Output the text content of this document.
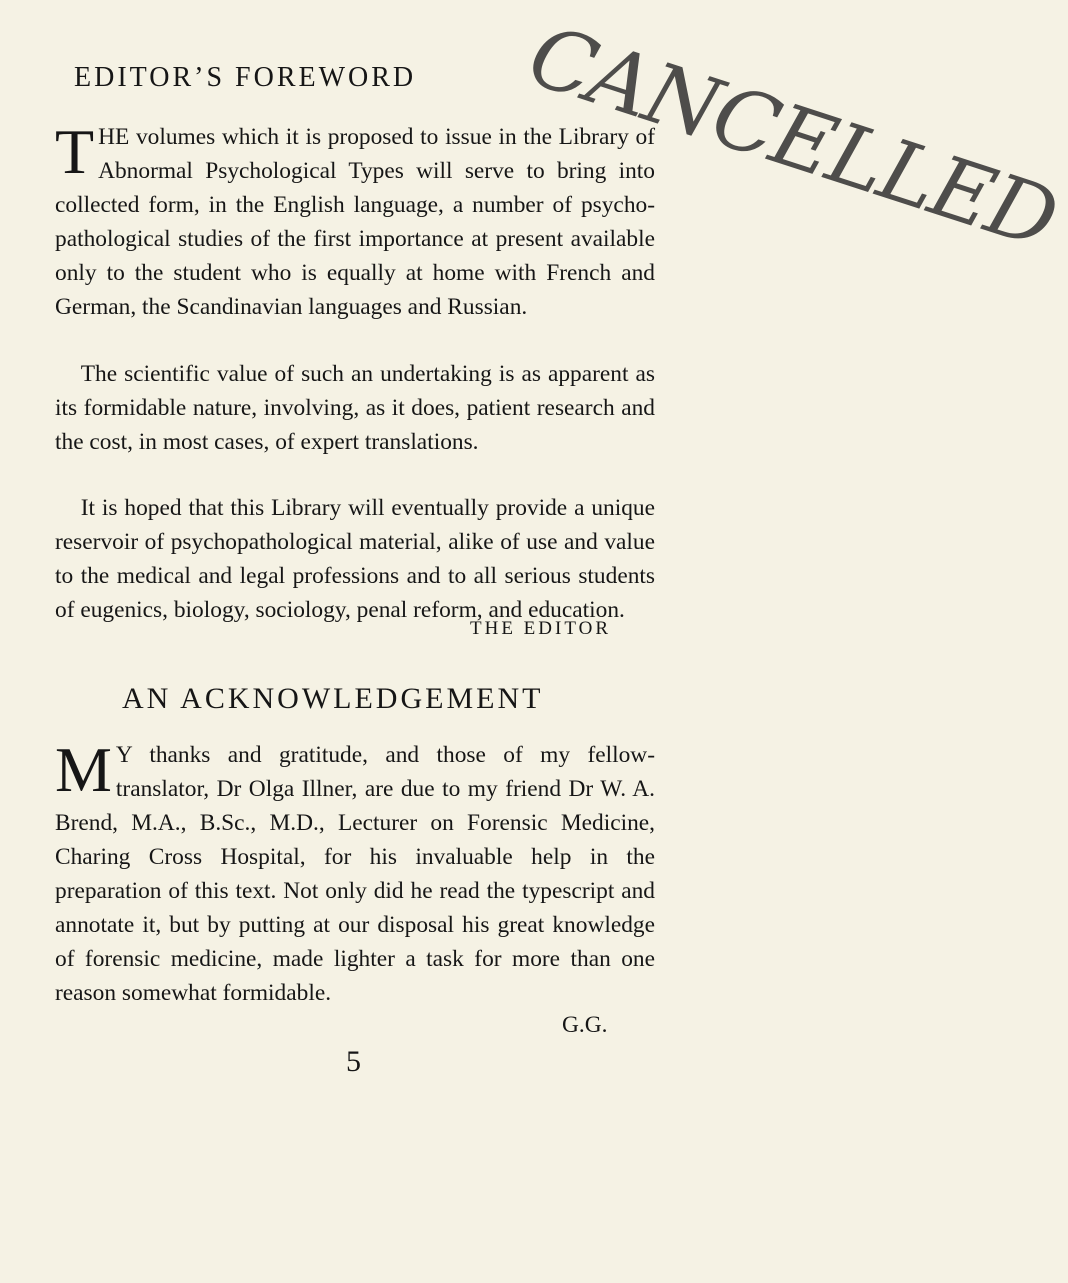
CANCELLED
EDITOR’S FOREWORD

THE volumes which it is proposed to issue in the Library of Abnormal Psychological Types will serve to bring into collected form, in the English language, a number of psycho-pathological studies of the first importance at present available only to the student who is equally at home with French and German, the Scandinavian languages and Russian.

The scientific value of such an undertaking is as apparent as its formidable nature, involving, as it does, patient research and the cost, in most cases, of expert translations.

It is hoped that this Library will eventually provide a unique reservoir of psychopathological material, alike of use and value to the medical and legal professions and to all serious students of eugenics, biology, sociology, penal reform, and education.

THE EDITOR

AN ACKNOWLEDGEMENT

M Y thanks and gratitude, and those of my fellow-translator, Dr Olga Illner, are due to my friend Dr W. A. Brend, M.A., B.Sc., M.D., Lecturer on Forensic Medicine, Charing Cross Hospital, for his invaluable help in the preparation of this text. Not only did he read the typescript and annotate it, but by putting at our disposal his great knowledge of forensic medicine, made lighter a task for more than one reason somewhat formidable.

G.G.

5
